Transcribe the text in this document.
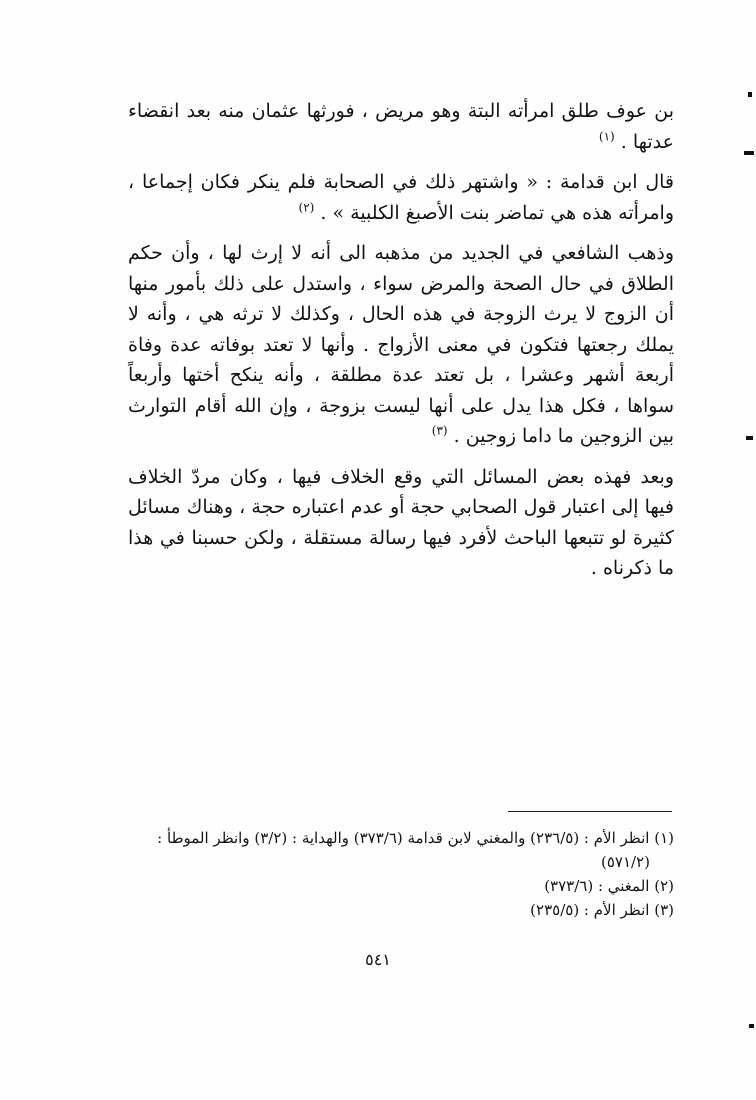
بن عوف طلق امرأته البتة وهو مريض ، فورثها عثمان منه بعد انقضاء عدتها . $^{(١)}$

قال ابن قدامة : « واشتهر ذلك في الصحابة فلم ينكر فكان إجماعا ، وامرأته هذه هي تماضر بنت الأصبغ الكلبية » . $^{(٢)}$

وذهب الشافعي في الجديد من مذهبه الى أنه لا إرث لها ، وأن حكم الطلاق في حال الصحة والمرض سواء ، واستدل على ذلك بأمور منها أن الزوج لا يرث الزوجة في هذه الحال ، وكذلك لا ترثه هي ، وأنه لا يملك رجعتها فتكون في معنى الأزواج . وأنها لا تعتد بوفاته عدة وفاة أربعة أشهر وعشرا ، بل تعتد عدة مطلقة ، وأنه ينكح أختها وأربعاً سواها ، فكل هذا يدل على أنها ليست بزوجة ، وإن الله أقام التوارث بين الزوجين ما داما زوجين . $^{(٣)}$

وبعد فهذه بعض المسائل التي وقع الخلاف فيها ، وكان مردّ الخلاف فيها إلى اعتبار قول الصحابي حجة أو عدم اعتباره حجة ، وهناك مسائل كثيرة لو تتبعها الباحث لأفرد فيها رسالة مستقلة ، ولكن حسبنا في هذا ما ذكرناه .

(١) انظر الأم : (٢٣٦/٥) والمغني لابن قدامة (٣٧٣/٦) والهداية : (٣/٢) وانظر الموطأ :

(٥٧١/٢)

(٢) المغني : (٣٧٣/٦)

(٣) انظر الأم : (٢٣٥/٥)

٥٤١
